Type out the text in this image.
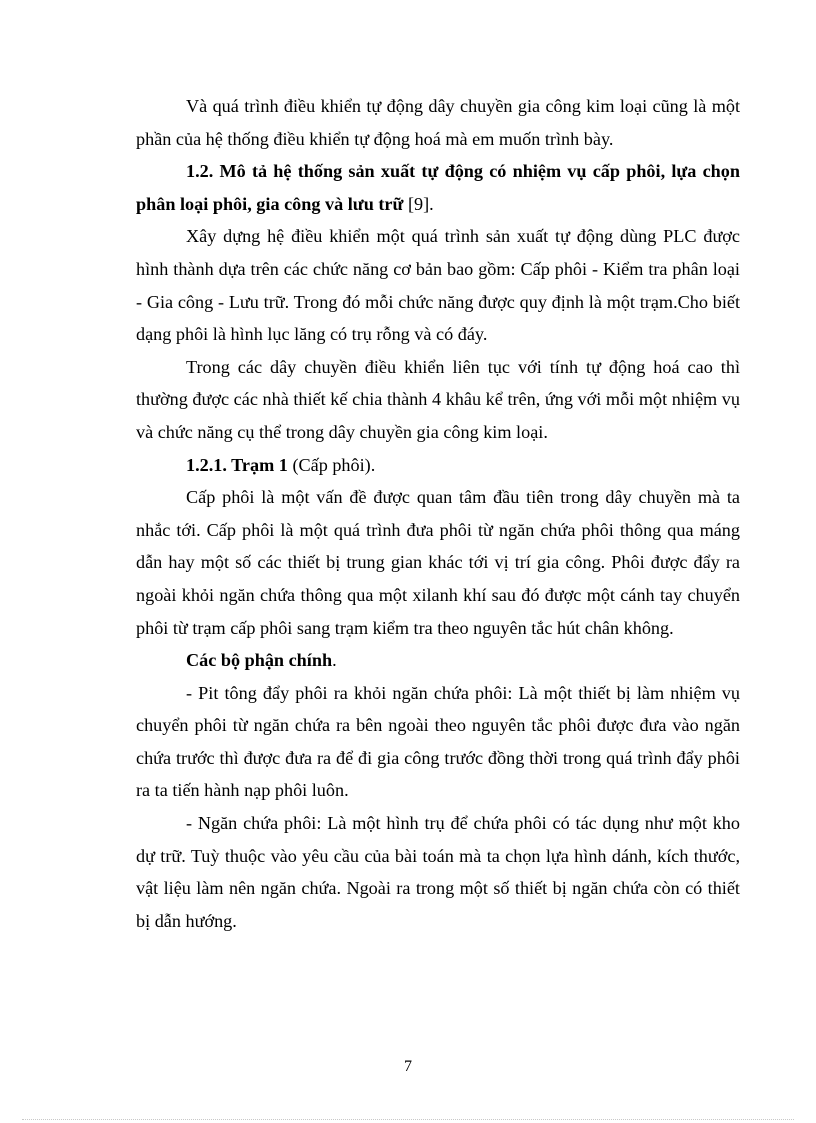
Và quá trình điều khiển tự động dây chuyền gia công kim loại cũng là một phần của hệ thống điều khiển tự động hoá mà em muốn trình bày.

1.2. Mô tả hệ thống sản xuất tự động có nhiệm vụ cấp phôi, lựa chọn phân loại phôi, gia công và lưu trữ [9].

Xây dựng hệ điều khiển một quá trình sản xuất tự động dùng PLC được hình thành dựa trên các chức năng cơ bản bao gồm: Cấp phôi - Kiểm tra phân loại - Gia công - Lưu trữ. Trong đó mỗi chức năng được quy định là một trạm.Cho biết dạng phôi là hình lục lăng có trụ rỗng và có đáy.

Trong các dây chuyền điều khiển liên tục với tính tự động hoá cao thì thường được các nhà thiết kế chia thành 4 khâu kể trên, ứng với mỗi một nhiệm vụ và chức năng cụ thể trong dây chuyền gia công kim loại.

1.2.1. Trạm 1 (Cấp phôi).

Cấp phôi là một vấn đề được quan tâm đầu tiên trong dây chuyền mà ta nhắc tới. Cấp phôi là một quá trình đưa phôi từ ngăn chứa phôi thông qua máng dẫn hay một số các thiết bị trung gian khác tới vị trí gia công. Phôi được đẩy ra ngoài khỏi ngăn chứa thông qua một xilanh khí sau đó được một cánh tay chuyển phôi từ trạm cấp phôi sang trạm kiểm tra theo nguyên tắc hút chân không.

Các bộ phận chính.

- Pit tông đẩy phôi ra khỏi ngăn chứa phôi: Là một thiết bị làm nhiệm vụ chuyển phôi từ ngăn chứa ra bên ngoài theo nguyên tắc phôi được đưa vào ngăn chứa trước thì được đưa ra để đi gia công trước đồng thời trong quá trình đẩy phôi ra ta tiến hành nạp phôi luôn.

- Ngăn chứa phôi: Là một hình trụ để chứa phôi có tác dụng như một kho dự trữ. Tuỳ thuộc vào yêu cầu của bài toán mà ta chọn lựa hình dánh, kích thước, vật liệu làm nên ngăn chứa. Ngoài ra trong một số thiết bị ngăn chứa còn có thiết bị dẫn hướng.

7
